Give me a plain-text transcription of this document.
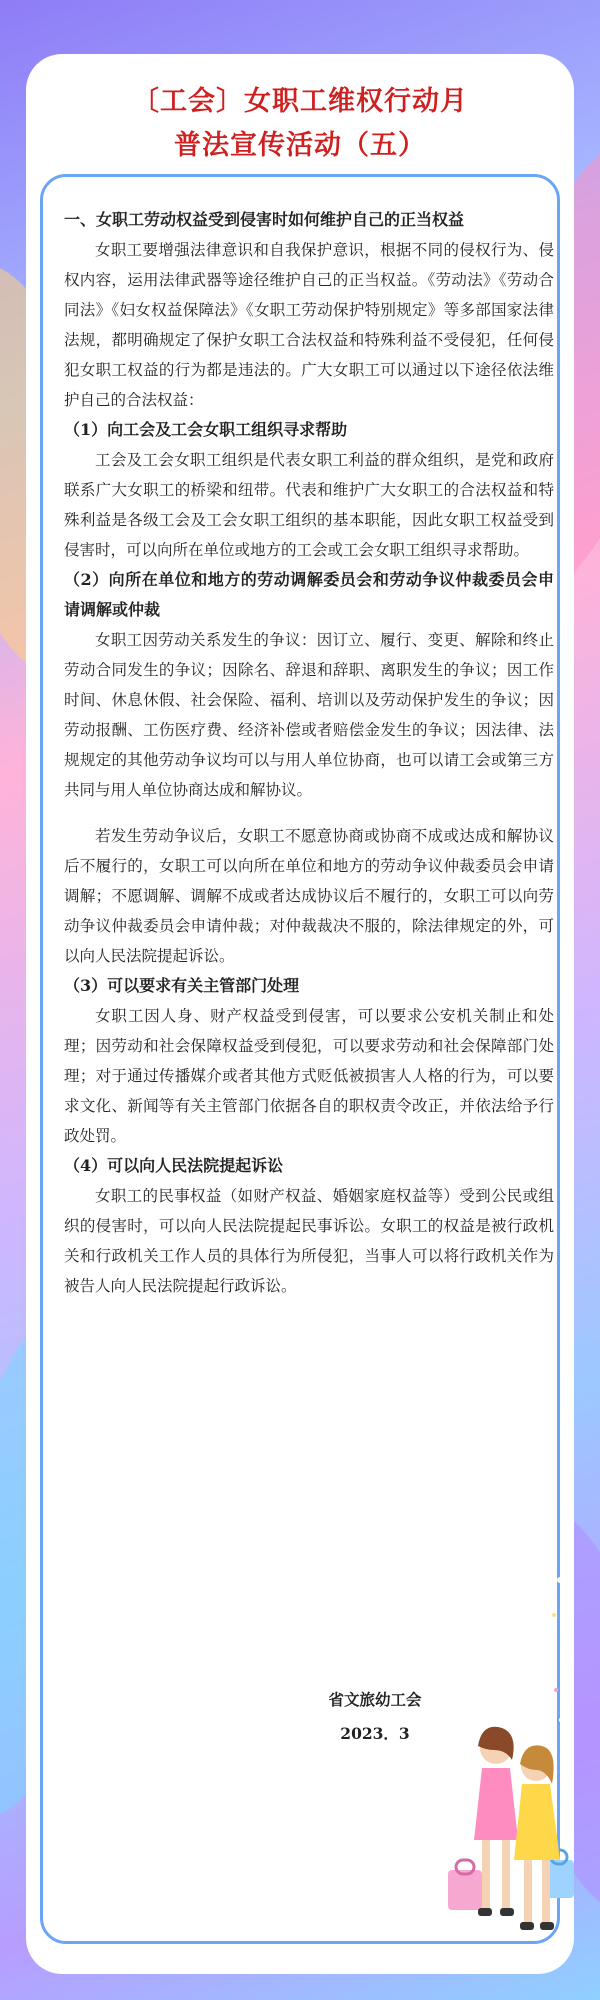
〔工会〕女职工维权行动月
普法宣传活动（五）

一、女职工劳动权益受到侵害时如何维护自己的正当权益

女职工要增强法律意识和自我保护意识，根据不同的侵权行为、侵权内容，运用法律武器等途径维护自己的正当权益。《劳动法》《劳动合同法》《妇女权益保障法》《女职工劳动保护特别规定》等多部国家法律法规，都明确规定了保护女职工合法权益和特殊利益不受侵犯，任何侵犯女职工权益的行为都是违法的。广大女职工可以通过以下途径依法维护自己的合法权益：

（1）向工会及工会女职工组织寻求帮助

工会及工会女职工组织是代表女职工利益的群众组织，是党和政府联系广大女职工的桥梁和纽带。代表和维护广大女职工的合法权益和特殊利益是各级工会及工会女职工组织的基本职能，因此女职工权益受到侵害时，可以向所在单位或地方的工会或工会女职工组织寻求帮助。

（2）向所在单位和地方的劳动调解委员会和劳动争议仲裁委员会申请调解或仲裁

女职工因劳动关系发生的争议：因订立、履行、变更、解除和终止劳动合同发生的争议；因除名、辞退和辞职、离职发生的争议；因工作时间、休息休假、社会保险、福利、培训以及劳动保护发生的争议；因劳动报酬、工伤医疗费、经济补偿或者赔偿金发生的争议；因法律、法规规定的其他劳动争议均可以与用人单位协商，也可以请工会或第三方共同与用人单位协商达成和解协议。

若发生劳动争议后，女职工不愿意协商或协商不成或达成和解协议后不履行的，女职工可以向所在单位和地方的劳动争议仲裁委员会申请调解；不愿调解、调解不成或者达成协议后不履行的，女职工可以向劳动争议仲裁委员会申请仲裁；对仲裁裁决不服的，除法律规定的外，可以向人民法院提起诉讼。

（3）可以要求有关主管部门处理

女职工因人身、财产权益受到侵害，可以要求公安机关制止和处理；因劳动和社会保障权益受到侵犯，可以要求劳动和社会保障部门处理；对于通过传播媒介或者其他方式贬低被损害人人格的行为，可以要求文化、新闻等有关主管部门依据各自的职权责令改正，并依法给予行政处罚。

（4）可以向人民法院提起诉讼

女职工的民事权益（如财产权益、婚姻家庭权益等）受到公民或组织的侵害时，可以向人民法院提起民事诉讼。女职工的权益是被行政机关和行政机关工作人员的具体行为所侵犯，当事人可以将行政机关作为被告人向人民法院提起行政诉讼。

省文旅幼工会
2023．3
